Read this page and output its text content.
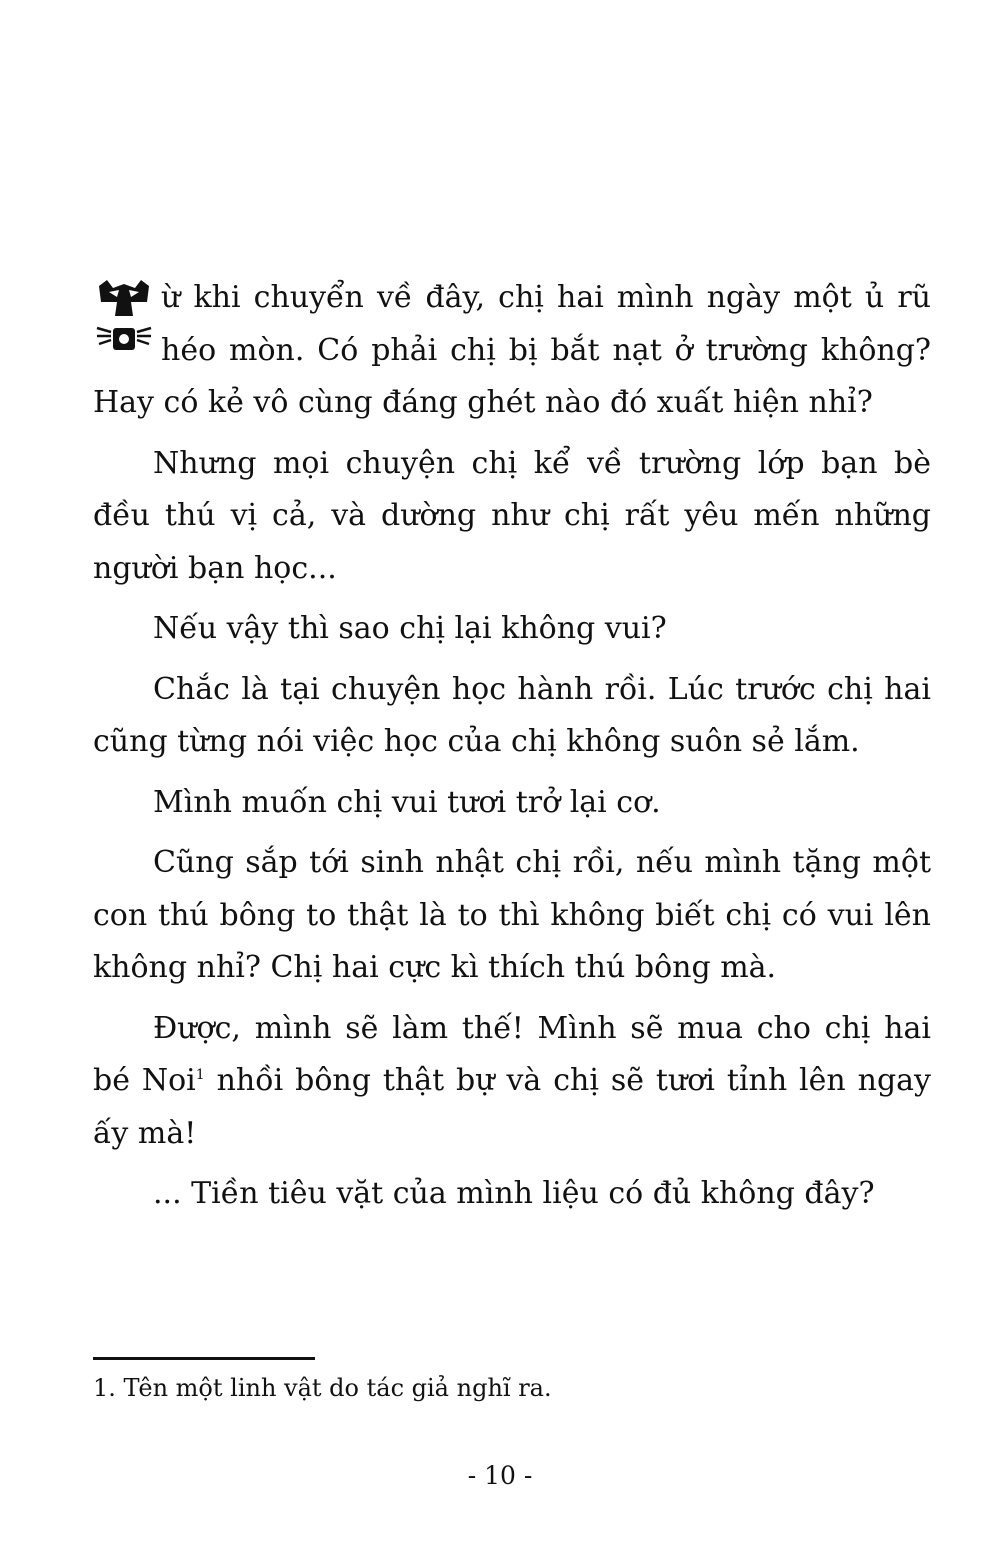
ừ khi chuyển về đây, chị hai mình ngày một ủ rũ héo mòn. Có phải chị bị bắt nạt ở trường không? Hay có kẻ vô cùng đáng ghét nào đó xuất hiện nhỉ?

Nhưng mọi chuyện chị kể về trường lớp bạn bè đều thú vị cả, và dường như chị rất yêu mến những người bạn học...

Nếu vậy thì sao chị lại không vui?

Chắc là tại chuyện học hành rồi. Lúc trước chị hai cũng từng nói việc học của chị không suôn sẻ lắm.

Mình muốn chị vui tươi trở lại cơ.

Cũng sắp tới sinh nhật chị rồi, nếu mình tặng một con thú bông to thật là to thì không biết chị có vui lên không nhỉ? Chị hai cực kì thích thú bông mà.

Được, mình sẽ làm thế! Mình sẽ mua cho chị hai bé Noi$^1$ nhồi bông thật bự và chị sẽ tươi tỉnh lên ngay ấy mà!

... Tiền tiêu vặt của mình liệu có đủ không đây?

1. Tên một linh vật do tác giả nghĩ ra.
- 10 -
